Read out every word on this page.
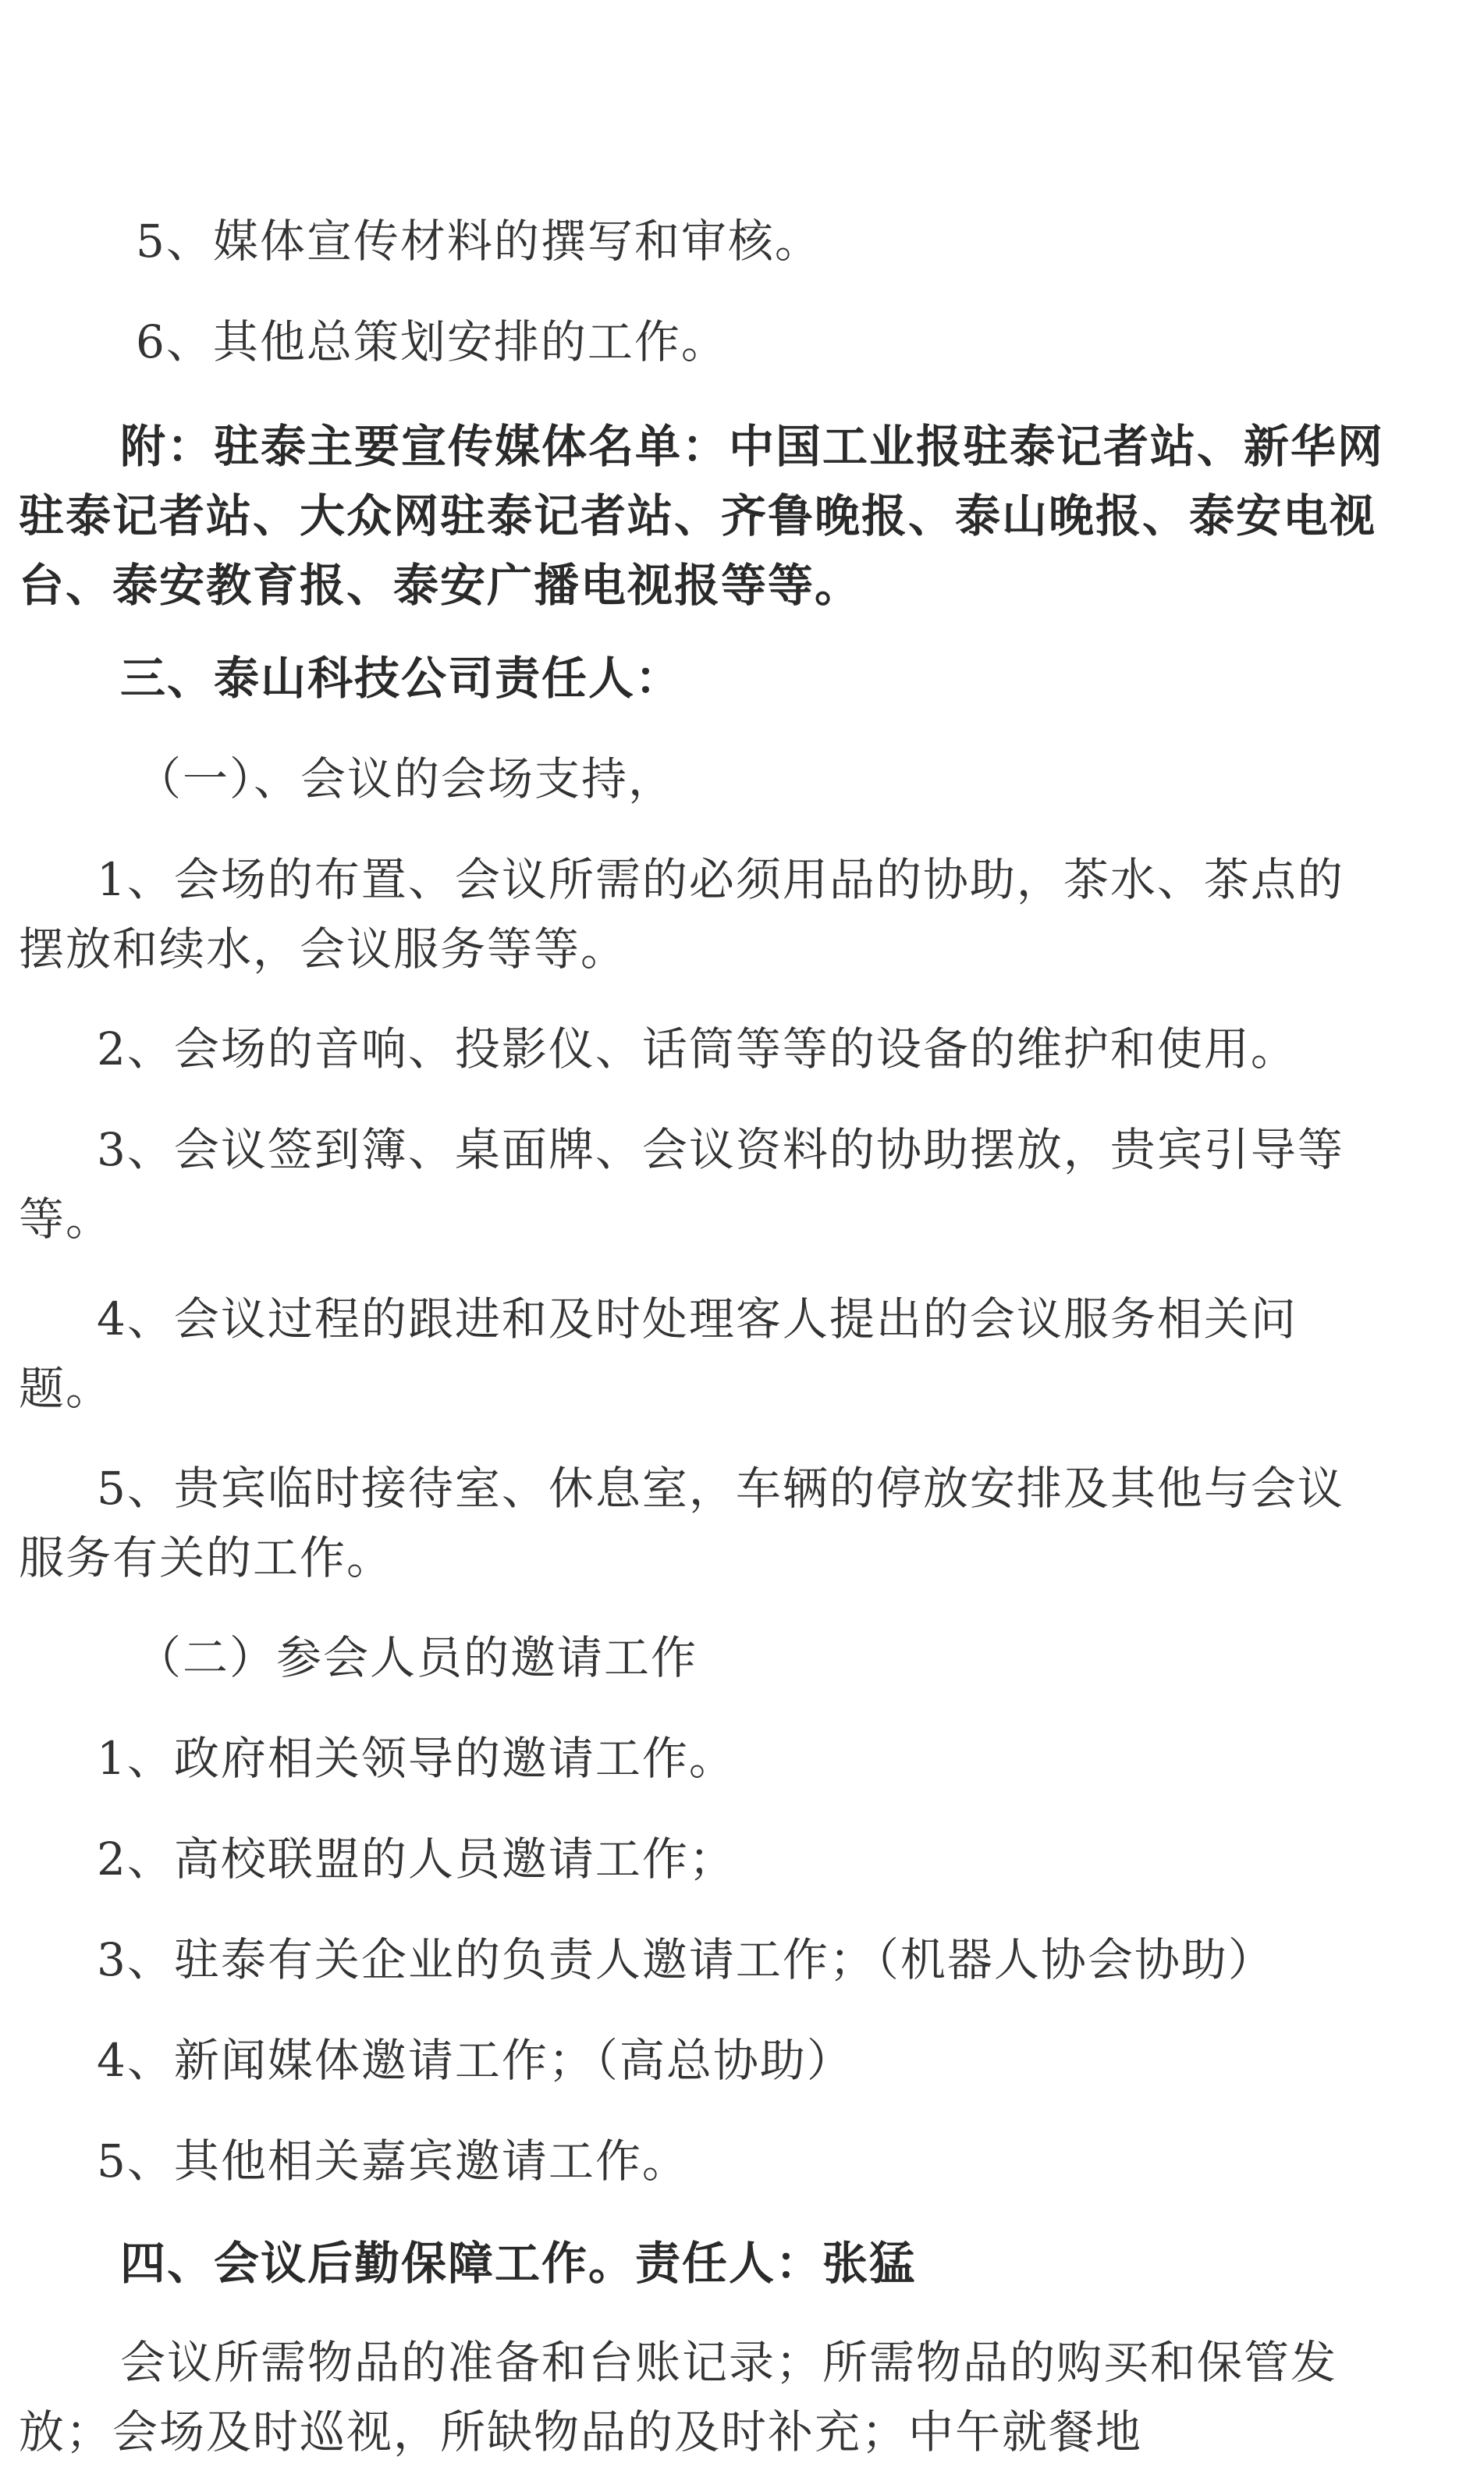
5、媒体宣传材料的撰写和审核。

6、其他总策划安排的工作。

附：驻泰主要宣传媒体名单：中国工业报驻泰记者站、新华网驻泰记者站、大众网驻泰记者站、齐鲁晚报、泰山晚报、泰安电视台、泰安教育报、泰安广播电视报等等。

三、泰山科技公司责任人：

（一）、会议的会场支持，

1、会场的布置、会议所需的必须用品的协助，茶水、茶点的摆放和续水，会议服务等等。

2、会场的音响、投影仪、话筒等等的设备的维护和使用。

3、会议签到簿、桌面牌、会议资料的协助摆放，贵宾引导等等。

4、会议过程的跟进和及时处理客人提出的会议服务相关问题。

5、贵宾临时接待室、休息室，车辆的停放安排及其他与会议服务有关的工作。

（二）参会人员的邀请工作

1、政府相关领导的邀请工作。

2、高校联盟的人员邀请工作；

3、驻泰有关企业的负责人邀请工作；（机器人协会协助）

4、新闻媒体邀请工作；（高总协助）

5、其他相关嘉宾邀请工作。

四、会议后勤保障工作。责任人：张猛

会议所需物品的准备和台账记录；所需物品的购买和保管发放；会场及时巡视，所缺物品的及时补充；中午就餐地
